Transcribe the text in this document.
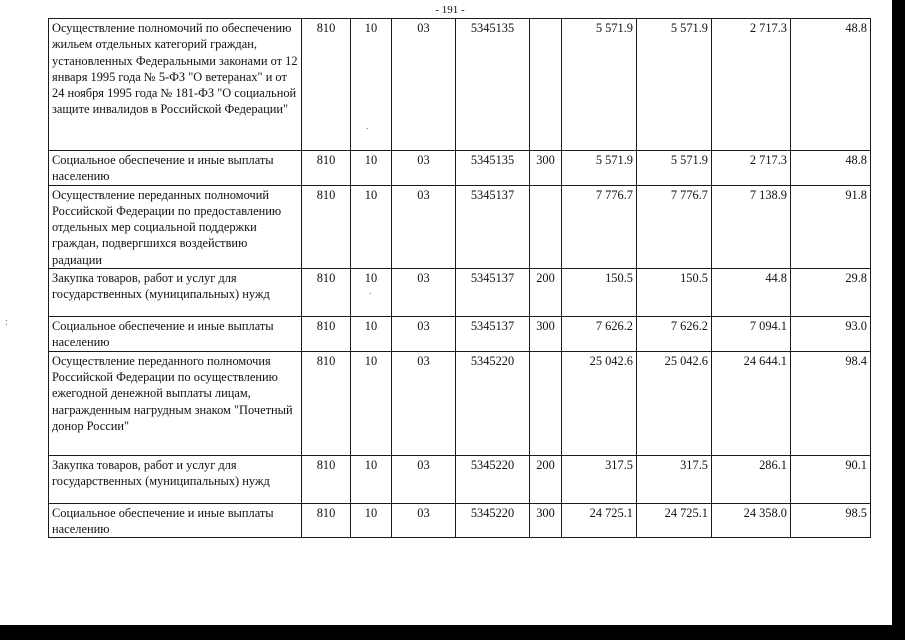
- 191 -
Осуществление полномочий по обеспечению жильем отдельных категорий граждан, установленных Федеральными законами от 12 января 1995 года № 5-ФЗ "О ветеранах" и от 24 ноября 1995 года № 181-ФЗ "О социальной защите инвалидов в Российской Федерации"	810	10	03	5345135		5 571.9	5 571.9	2 717.3	48.8
Социальное обеспечение и иные выплаты населению	810	10	03	5345135	300	5 571.9	5 571.9	2 717.3	48.8
Осуществление переданных полномочий Российской Федерации по предоставлению отдельных мер социальной поддержки граждан, подвергшихся воздействию радиации	810	10	03	5345137		7 776.7	7 776.7	7 138.9	91.8
Закупка товаров, работ и услуг для государственных (муниципальных) нужд	810	10	03	5345137	200	150.5	150.5	44.8	29.8
Социальное обеспечение и иные выплаты населению	810	10	03	5345137	300	7 626.2	7 626.2	7 094.1	93.0
Осуществление переданного полномочия Российской Федерации по осуществлению ежегодной денежной выплаты лицам, награжденным нагрудным знаком "Почетный донор России"	810	10	03	5345220		25 042.6	25 042.6	24 644.1	98.4
Закупка товаров, работ и услуг для государственных (муниципальных) нужд	810	10	03	5345220	200	317.5	317.5	286.1	90.1
Социальное обеспечение и иные выплаты населению	810	10	03	5345220	300	24 725.1	24 725.1	24 358.0	98.5
.
.
:
